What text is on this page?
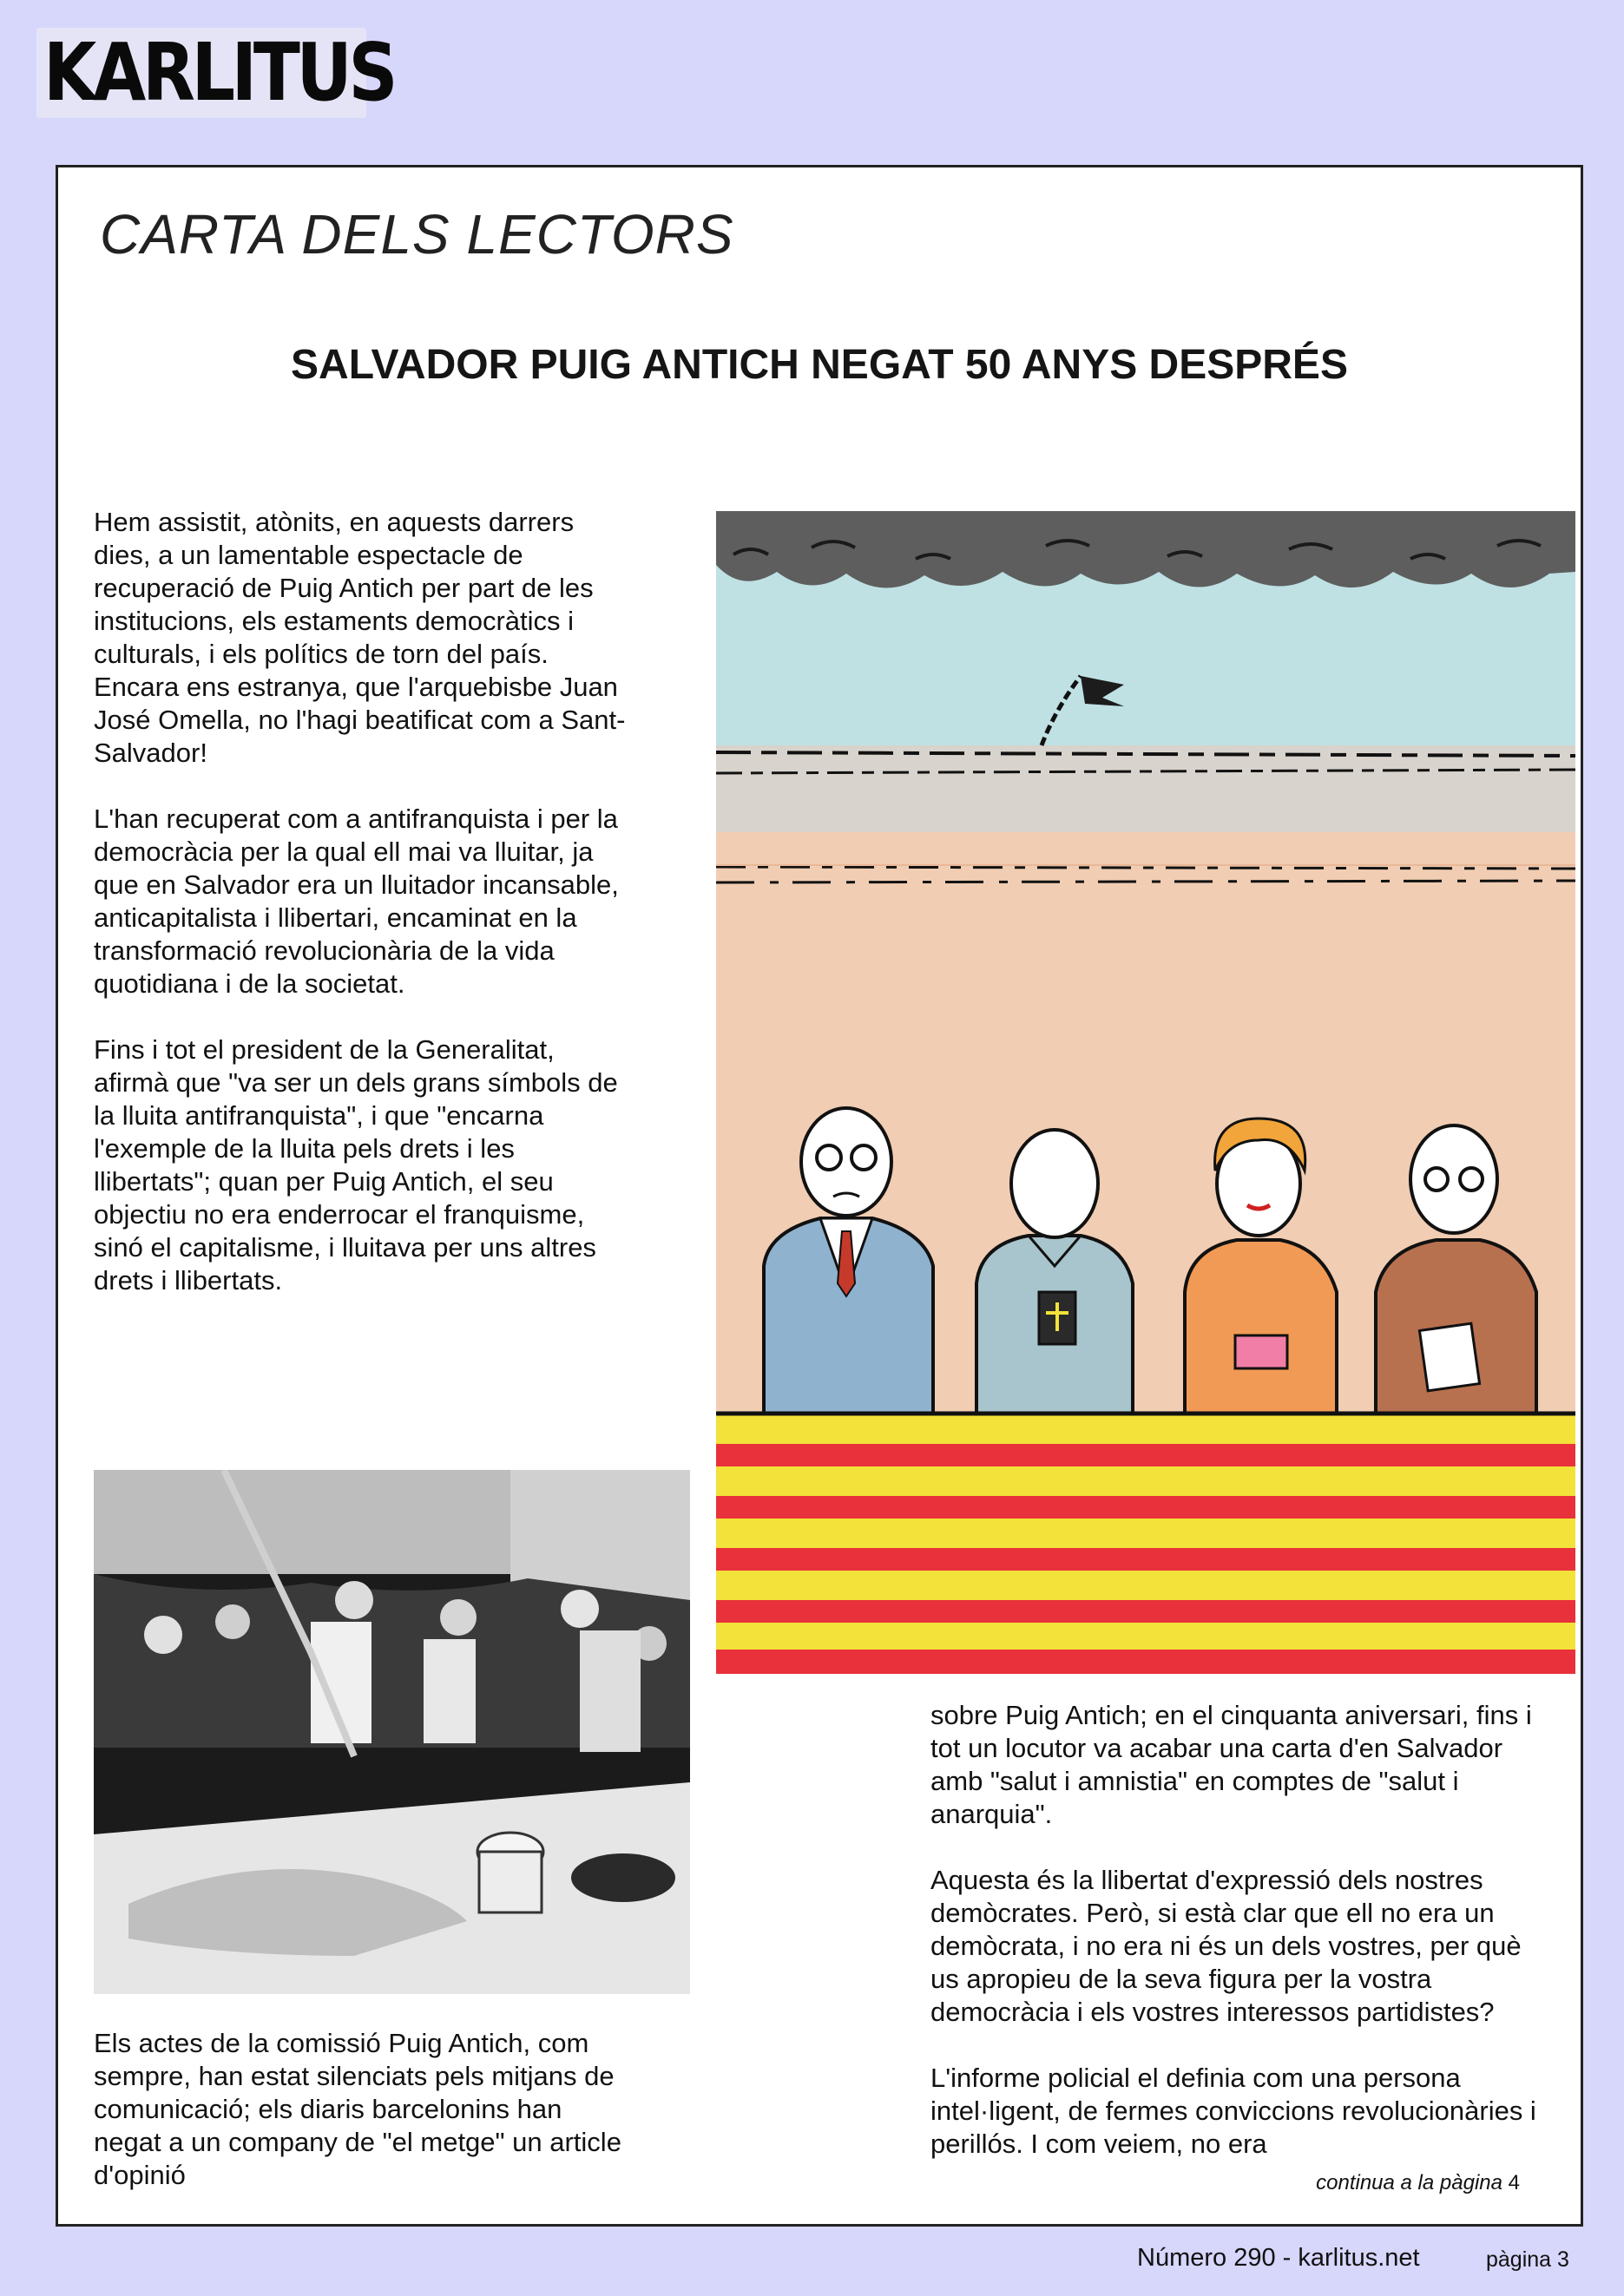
KARLITUS
CARTA DELS LECTORS
SALVADOR PUIG ANTICH NEGAT 50 ANYS DESPRÉS

Hem assistit, atònits, en aquests darrers dies, a un lamentable espectacle de recuperació de Puig Antich per part de les institucions, els estaments democràtics i culturals, i els polítics de torn del país. Encara ens estranya, que l'arquebisbe Juan José Omella, no l'hagi beatificat com a Sant-Salvador!

L'han recuperat com a antifranquista i per la democràcia per la qual ell mai va lluitar, ja que en Salvador era un lluitador incansable, anticapitalista i llibertari, encaminat en la transformació revolucionària de la vida quotidiana i de la societat.

Fins i tot el president de la Generalitat, afirmà que "va ser un dels grans símbols de la lluita antifranquista", i que "encarna l'exemple de la lluita pels drets i les llibertats"; quan per Puig Antich, el seu objectiu no era enderrocar el franquisme, sinó el capitalisme, i lluitava per uns altres drets i llibertats.

Els actes de la comissió Puig Antich, com sempre, han estat silenciats pels mitjans de comunicació; els diaris barcelonins han negat a un company de "el metge" un article d'opinió

sobre Puig Antich; en el cinquanta aniversari, fins i tot un locutor va acabar una carta d'en Salvador amb "salut i amnistia" en comptes de "salut i anarquia".

Aquesta és la llibertat d'expressió dels nostres demòcrates. Però, si està clar que ell no era un demòcrata, i no era ni és un dels vostres, per què us apropieu de la seva figura per la vostra democràcia i els vostres interessos partidistes?

L'informe policial el definia com una persona intel·ligent, de fermes conviccions revolucionàries i perillós. I com veiem, no era

continua a la pàgina 4
Número 290 - karlitus.net	pàgina 3
